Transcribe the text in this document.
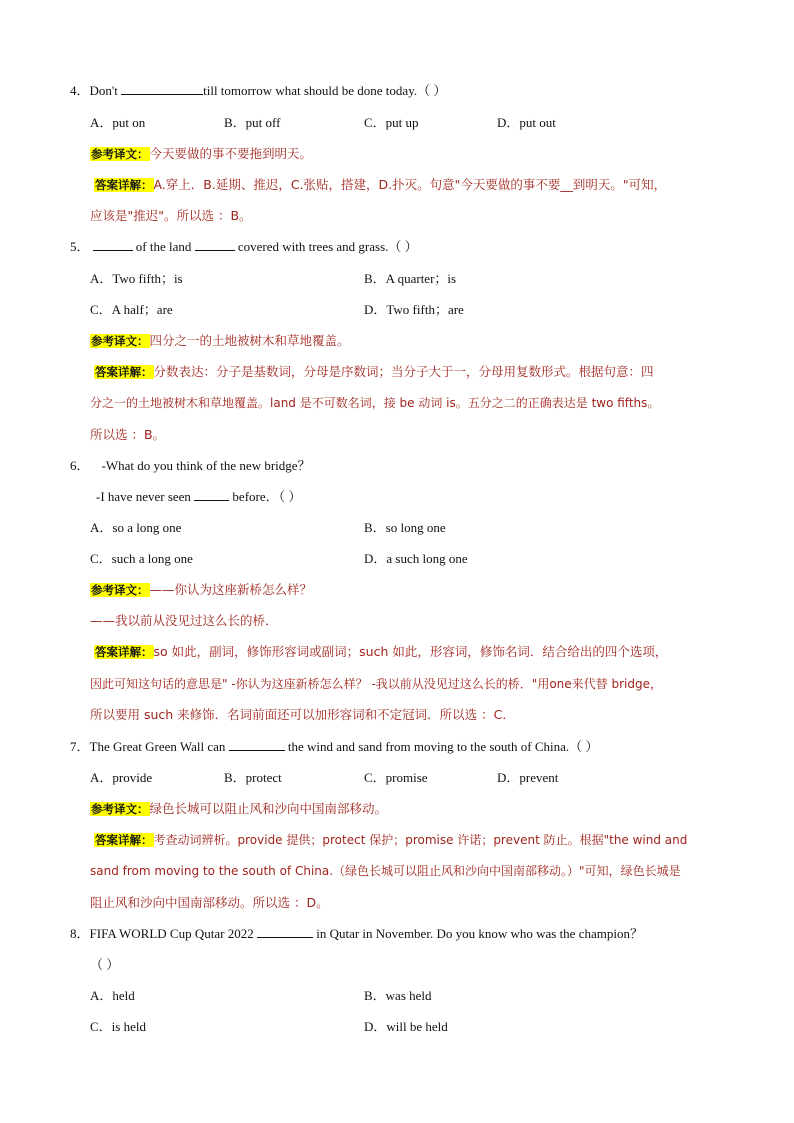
4．Don't	till tomorrow what should be done today.（ ）
A．put on	B．put off	C．put up	D．put out
参考译文：今天要做的事不要拖到明天。
答案详解：A.穿上．B.延期、推迟，C.张贴，搭建，D.扑灭。句意"今天要做的事不要__到明天。"可知，
应该是"推迟"。所以选 ：B。
5．	of the land	covered with trees and grass.（ ）
A．Two fifth；is	B．A quarter；is
C．A half；are	D．Two fifth；are
参考译文：四分之一的土地被树木和草地覆盖。
答案详解：分数表达：分子是基数词，分母是序数词；当分子大于一，分母用复数形式。根据句意：四
分之一的土地被树木和草地覆盖。land 是不可数名词，接 be 动词 is。五分之二的正确表达是 two fifths。
所以选 ：B。
6． -What do you think of the new bridge？
-I have never seen	before．（ ）
A．so a long one	B．so long one
C．such a long one	D．a such long one
参考译文：——你认为这座新桥怎么样？
——我以前从没见过这么长的桥．
答案详解：so 如此，副词，修饰形容词或副词；such 如此，形容词，修饰名词．结合给出的四个选项，
因此可知这句话的意思是" -你认为这座新桥怎么样？ -我以前从没见过这么长的桥．"用one来代替 bridge，
所以要用 such 来修饰．名词前面还可以加形容词和不定冠词．所以选 ：C．
7．The Great Green Wall can	the wind and sand from moving to the south of China.（ ）
A．provide	B．protect	C．promise	D．prevent
参考译文：绿色长城可以阻止风和沙向中国南部移动。
答案详解：考查动词辨析。provide 提供；protect 保护；promise 许诺；prevent 防止。根据"the wind and
sand from moving to the south of China.（绿色长城可以阻止风和沙向中国南部移动。）"可知，绿色长城是
阻止风和沙向中国南部移动。所以选 ：D。
8．FIFA WORLD Cup Qutar 2022	in Qutar in November. Do you know who was the champion？
（ ）
A．held	B．was held
C．is held	D．will be held
